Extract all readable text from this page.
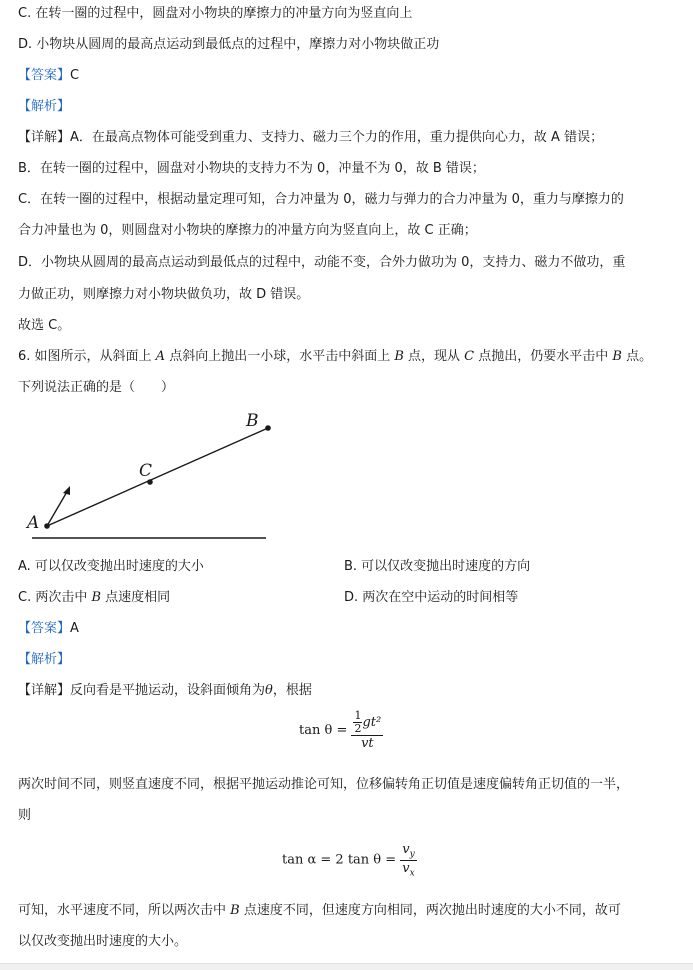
C. 在转一圈的过程中，圆盘对小物块的摩擦力的冲量方向为竖直向上
D. 小物块从圆周的最高点运动到最低点的过程中，摩擦力对小物块做正功
【答案】C
【解析】
【详解】A．在最高点物体可能受到重力、支持力、磁力三个力的作用，重力提供向心力，故 A 错误；
B．在转一圈的过程中，圆盘对小物块的支持力不为 0，冲量不为 0，故 B 错误；
C．在转一圈的过程中，根据动量定理可知，合力冲量为 0，磁力与弹力的合力冲量为 0，重力与摩擦力的
合力冲量也为 0，则圆盘对小物块的摩擦力的冲量方向为竖直向上，故 C 正确；
D．小物块从圆周的最高点运动到最低点的过程中，动能不变，合外力做功为 0，支持力、磁力不做功，重
力做正功，则摩擦力对小物块做负功，故 D 错误。
故选 C。
6. 如图所示，从斜面上 A 点斜向上抛出一小球，水平击中斜面上 B 点，现从 C 点抛出，仍要水平击中 B 点。
下列说法正确的是（　　）
A
C
B
A. 可以仅改变抛出时速度的大小	B. 可以仅改变抛出时速度的方向
C. 两次击中 B 点速度相同	D. 两次在空中运动的时间相等
【答案】A
【解析】
【详解】反向看是平抛运动，设斜面倾角为θ，根据
$\tan \theta = \frac{\frac{1}{2} gt^2}{vt}$
两次时间不同，则竖直速度不同，根据平抛运动推论可知，位移偏转角正切值是速度偏转角正切值的一半，
则
tan α = 2 $\tan \theta = \frac{v_y}{v_x}$
可知，水平速度不同，所以两次击中 B 点速度不同，但速度方向相同，两次抛出时速度的大小不同，故可
以仅改变抛出时速度的大小。
